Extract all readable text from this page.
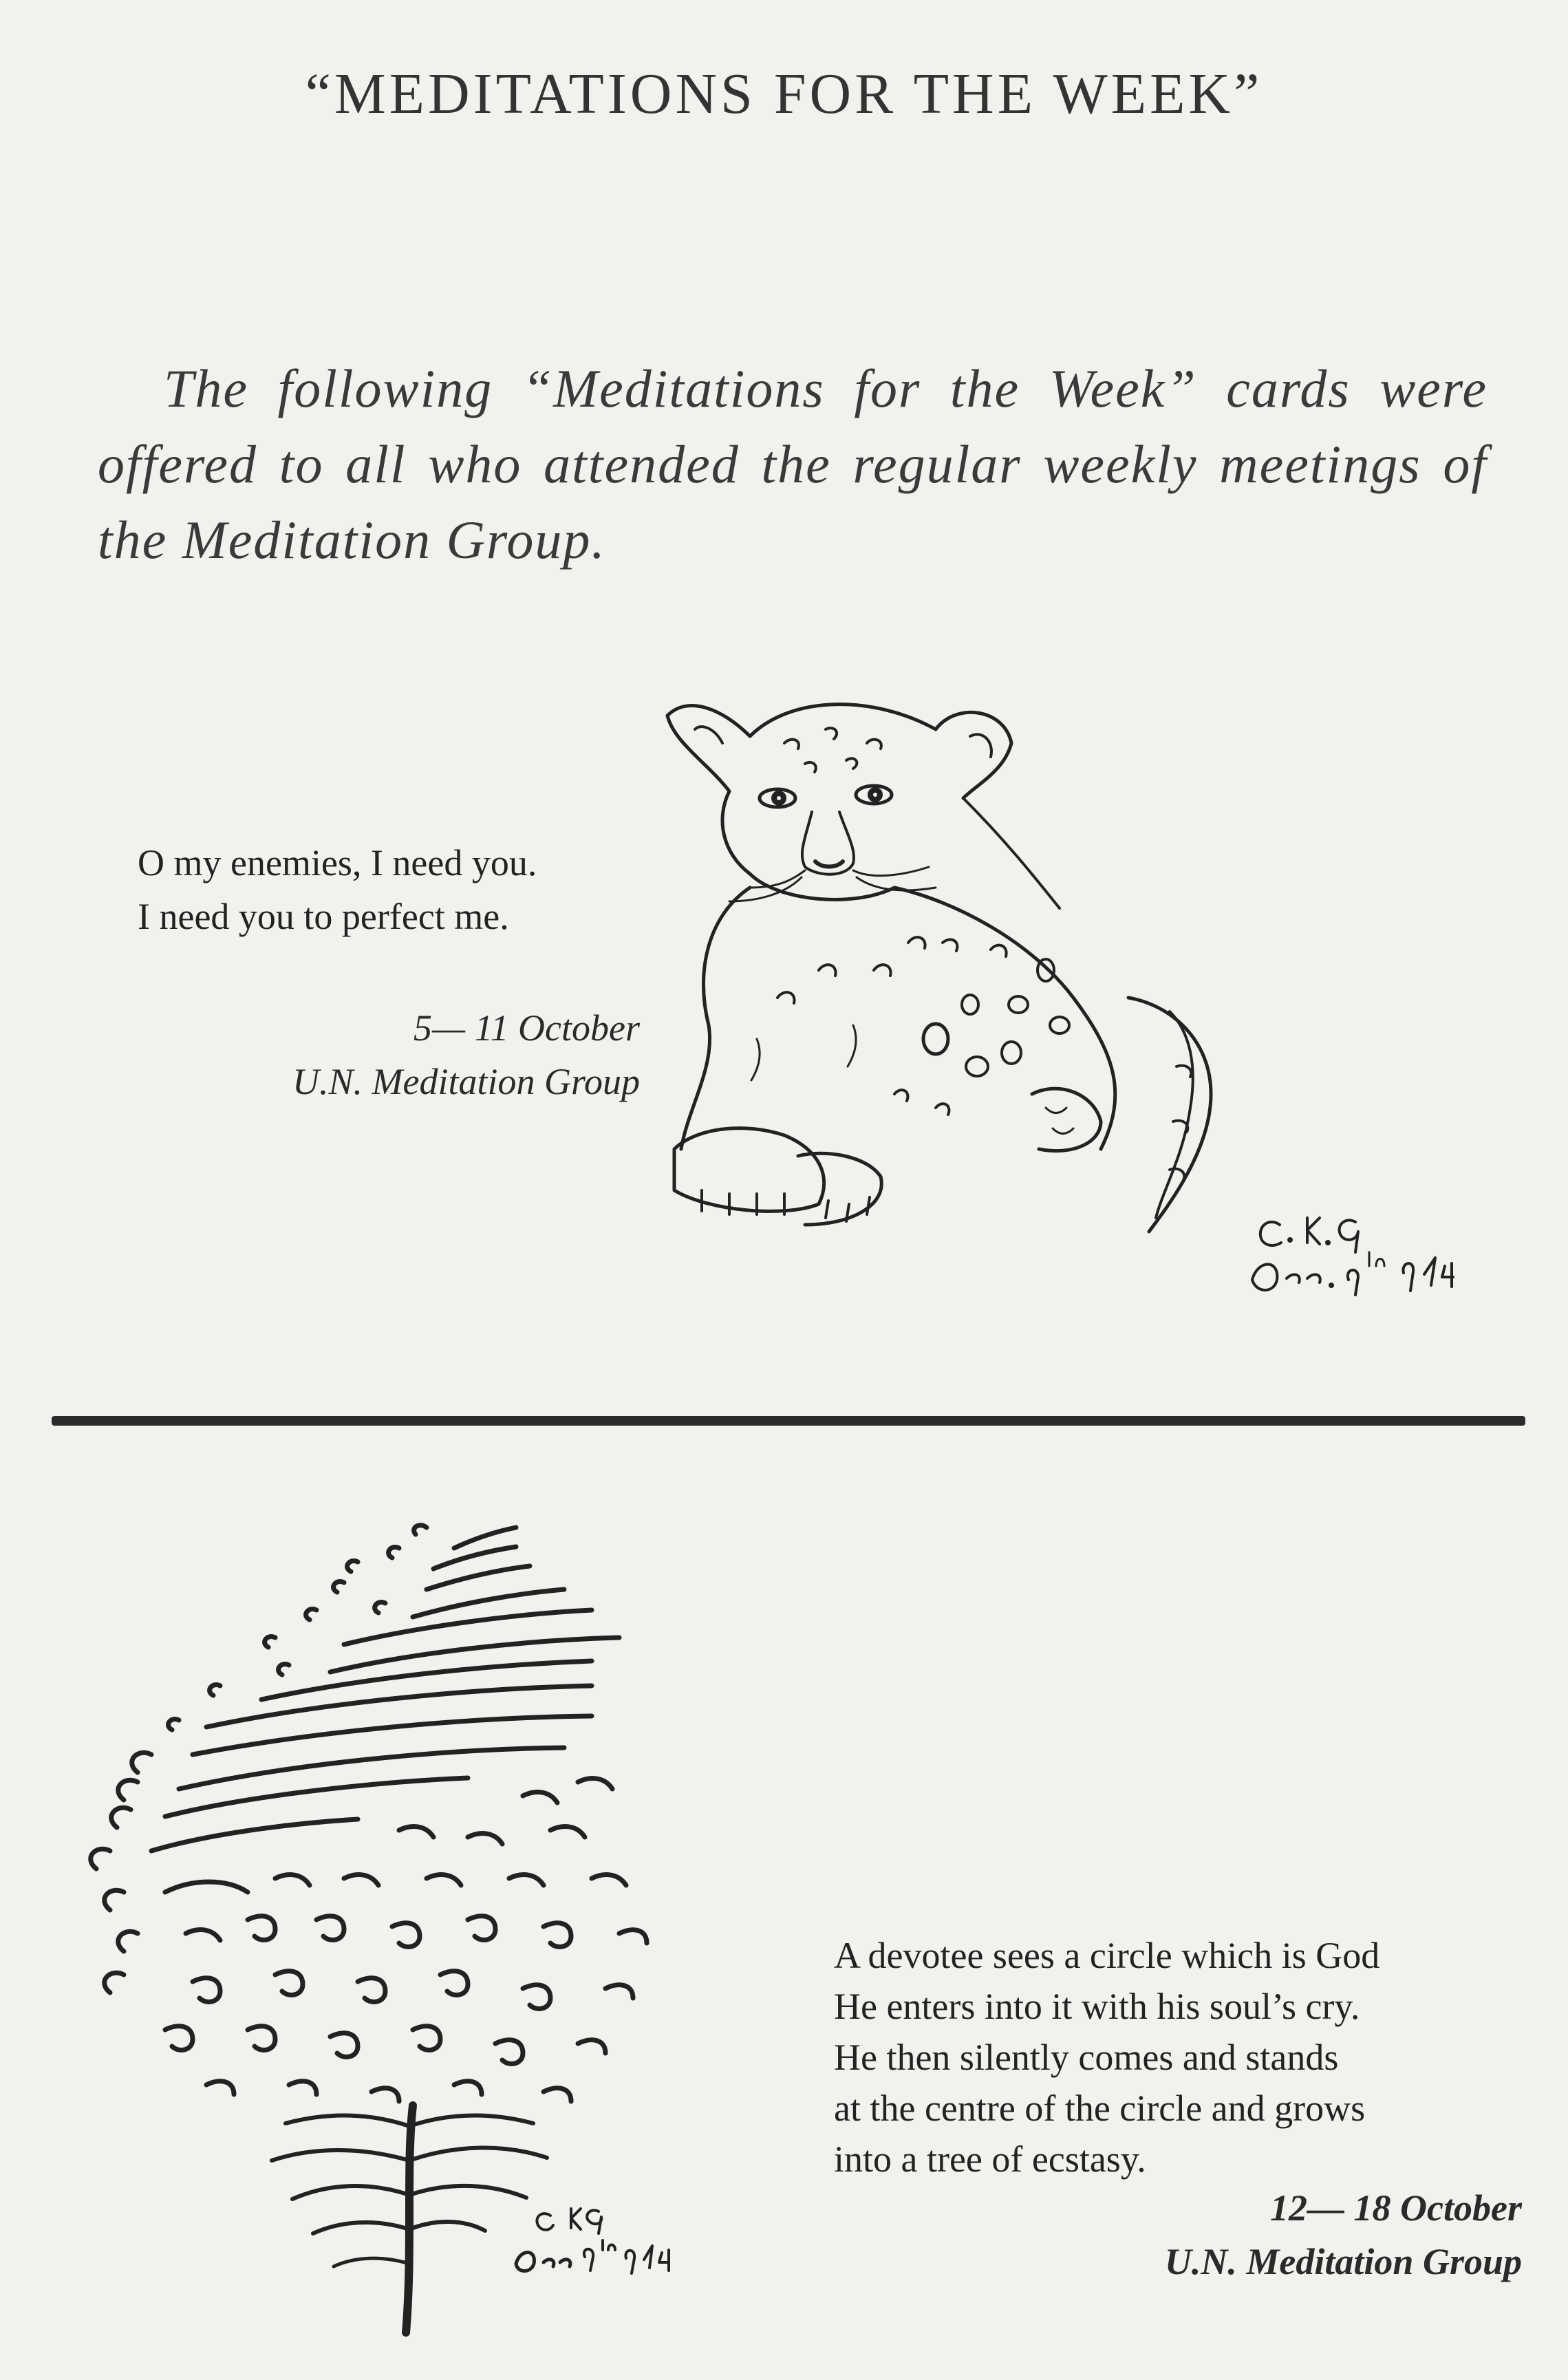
“MEDITATIONS FOR THE WEEK”
The following “Meditations for the Week” cards were offered to all who attended the regular weekly meetings of the Meditation Group.

O my enemies, I need you.

I need you to perfect me.

5— 11 October
U.N. Meditation Group

A devotee sees a circle which is God

He enters into it with his soul’s cry.

He then silently comes and stands

at the centre of the circle and grows

into a tree of ecstasy.

12— 18 October
U.N. Meditation Group
